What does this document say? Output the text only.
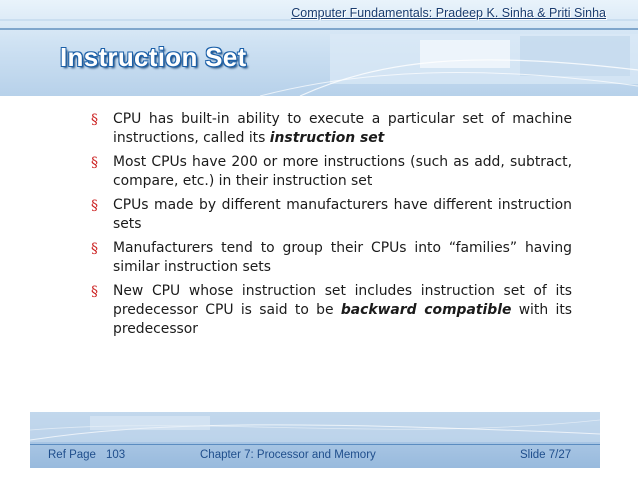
Computer Fundamentals: Pradeep K. Sinha & Priti Sinha
Instruction Set
§ CPU has built-in ability to execute a particular set of machine instructions, called its instruction set
§ Most CPUs have 200 or more instructions (such as add, subtract, compare, etc.) in their instruction set
§ CPUs made by different manufacturers have different instruction sets
§ Manufacturers tend to group their CPUs into “families” having similar instruction sets
§ New CPU whose instruction set includes instruction set of its predecessor CPU is said to be backward compatible with its predecessor
Ref Page 103	Chapter 7: Processor and Memory	Slide 7/27
